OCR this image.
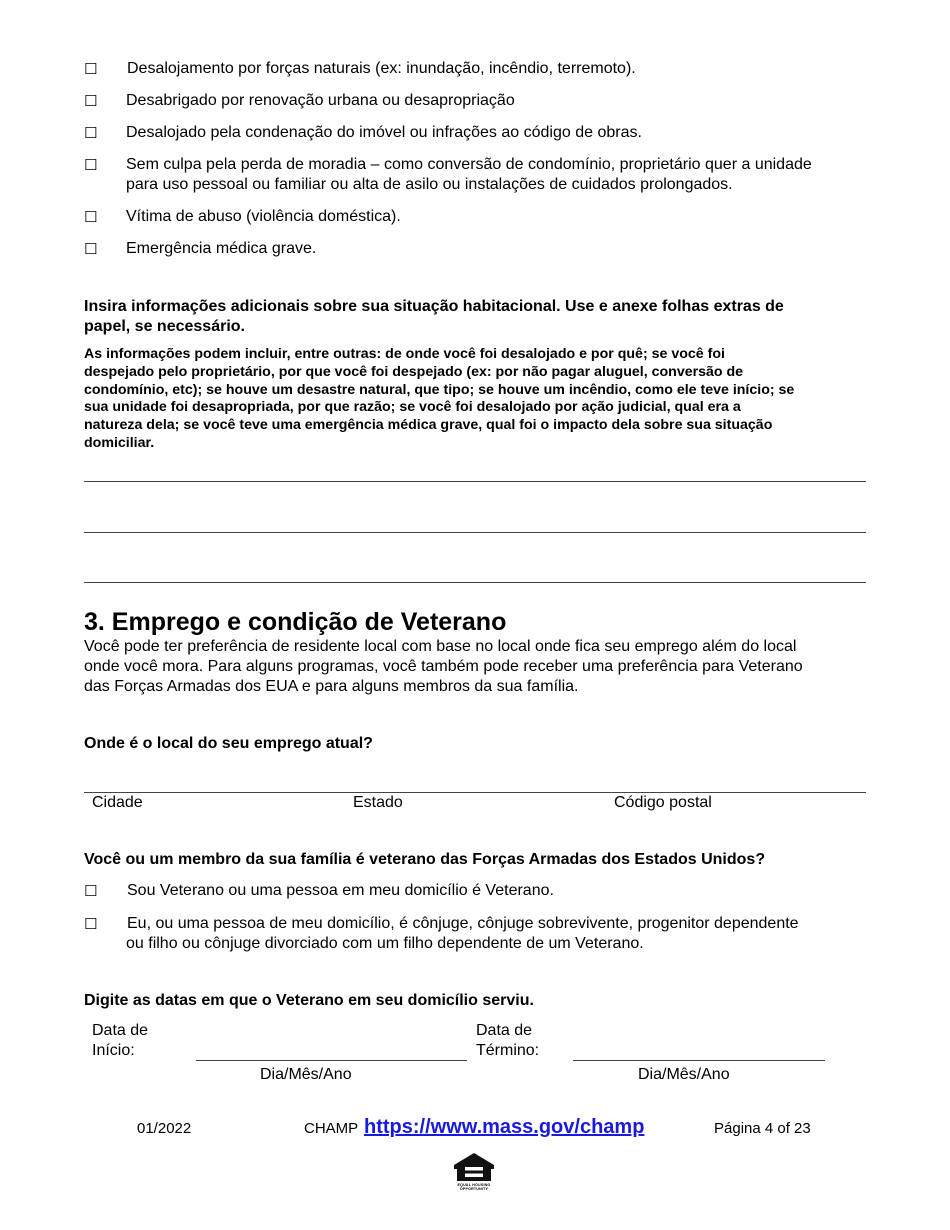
☐ Desalojamento por forças naturais (ex: inundação, incêndio, terremoto).
☐ Desabrigado por renovação urbana ou desapropriação
☐ Desalojado pela condenação do imóvel ou infrações ao código de obras.
☐ Sem culpa pela perda de moradia – como conversão de condomínio, proprietário quer a unidade
para uso pessoal ou familiar ou alta de asilo ou instalações de cuidados prolongados.
☐ Vítima de abuso (violência doméstica).
☐ Emergência médica grave.
Insira informações adicionais sobre sua situação habitacional. Use e anexe folhas extras de
papel, se necessário.
As informações podem incluir, entre outras: de onde você foi desalojado e por quê; se você foi
despejado pelo proprietário, por que você foi despejado (ex: por não pagar aluguel, conversão de
condomínio, etc); se houve um desastre natural, que tipo; se houve um incêndio, como ele teve início; se
sua unidade foi desapropriada, por que razão; se você foi desalojado por ação judicial, qual era a
natureza dela; se você teve uma emergência médica grave, qual foi o impacto dela sobre sua situação
domiciliar.
3. Emprego e condição de Veterano
Você pode ter preferência de residente local com base no local onde fica seu emprego além do local
onde você mora. Para alguns programas, você também pode receber uma preferência para Veterano
das Forças Armadas dos EUA e para alguns membros da sua família.
Onde é o local do seu emprego atual?
Cidade	Estado	Código postal
Você ou um membro da sua família é veterano das Forças Armadas dos Estados Unidos?
☐ Sou Veterano ou uma pessoa em meu domicílio é Veterano.
☐ Eu, ou uma pessoa de meu domicílio, é cônjuge, cônjuge sobrevivente, progenitor dependente
ou filho ou cônjuge divorciado com um filho dependente de um Veterano.
Digite as datas em que o Veterano em seu domicílio serviu.
Data de
Início:
Dia/Mês/Ano
Data de
Término:
Dia/Mês/Ano
01/2022	CHAMP https://www.mass.gov/champ	Página 4 of 23
EQUAL HOUSING OPPORTUNITY
